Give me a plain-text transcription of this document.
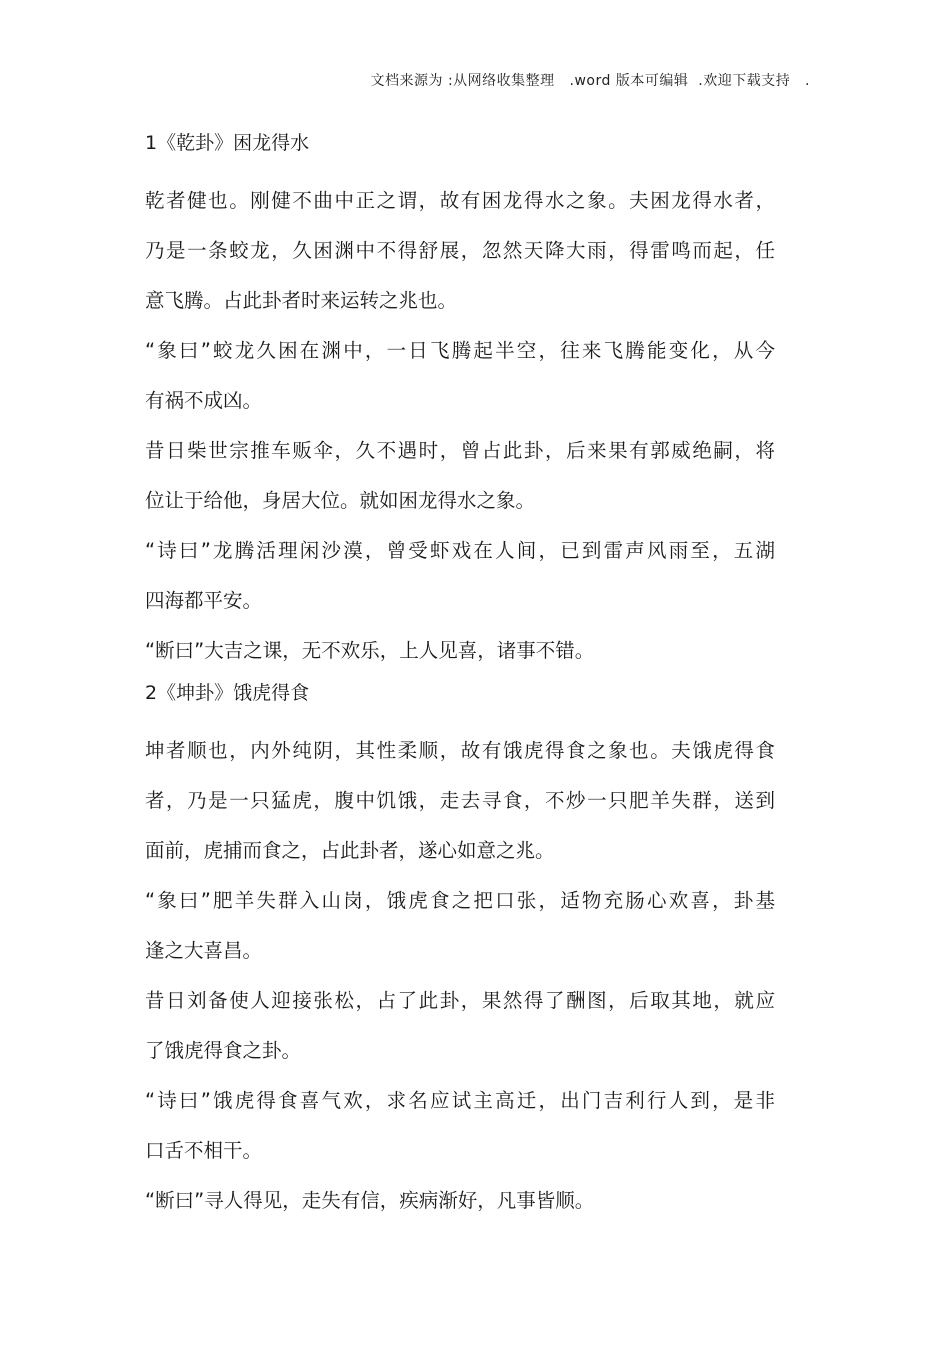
文档来源为 :从网络收集整理   .word 版本可编辑  .欢迎下载支持   .
1《乾卦》困龙得水

乾者健也。刚健不曲中正之谓，故有困龙得水之象。夫困龙得水者，
乃是一条蛟龙，久困渊中不得舒展，忽然天降大雨，得雷鸣而起，任
意飞腾。占此卦者时来运转之兆也。

“象曰”蛟龙久困在渊中，一日飞腾起半空，往来飞腾能变化，从今
有祸不成凶。

昔日柴世宗推车贩伞，久不遇时，曾占此卦，后来果有郭威绝嗣，将
位让于给他，身居大位。就如困龙得水之象。

“诗曰”龙腾活理闲沙漠，曾受虾戏在人间，已到雷声风雨至，五湖
四海都平安。

“断曰”大吉之课，无不欢乐，上人见喜，诸事不错。

2《坤卦》饿虎得食

坤者顺也，内外纯阴，其性柔顺，故有饿虎得食之象也。夫饿虎得食
者，乃是一只猛虎，腹中饥饿，走去寻食，不炒一只肥羊失群，送到
面前，虎捕而食之，占此卦者，遂心如意之兆。

“象曰”肥羊失群入山岗，饿虎食之把口张，适物充肠心欢喜，卦基
逢之大喜昌。

昔日刘备使人迎接张松，占了此卦，果然得了酬图，后取其地，就应
了饿虎得食之卦。

“诗曰”饿虎得食喜气欢，求名应试主高迁，出门吉利行人到，是非
口舌不相干。

“断曰”寻人得见，走失有信，疾病渐好，凡事皆顺。
